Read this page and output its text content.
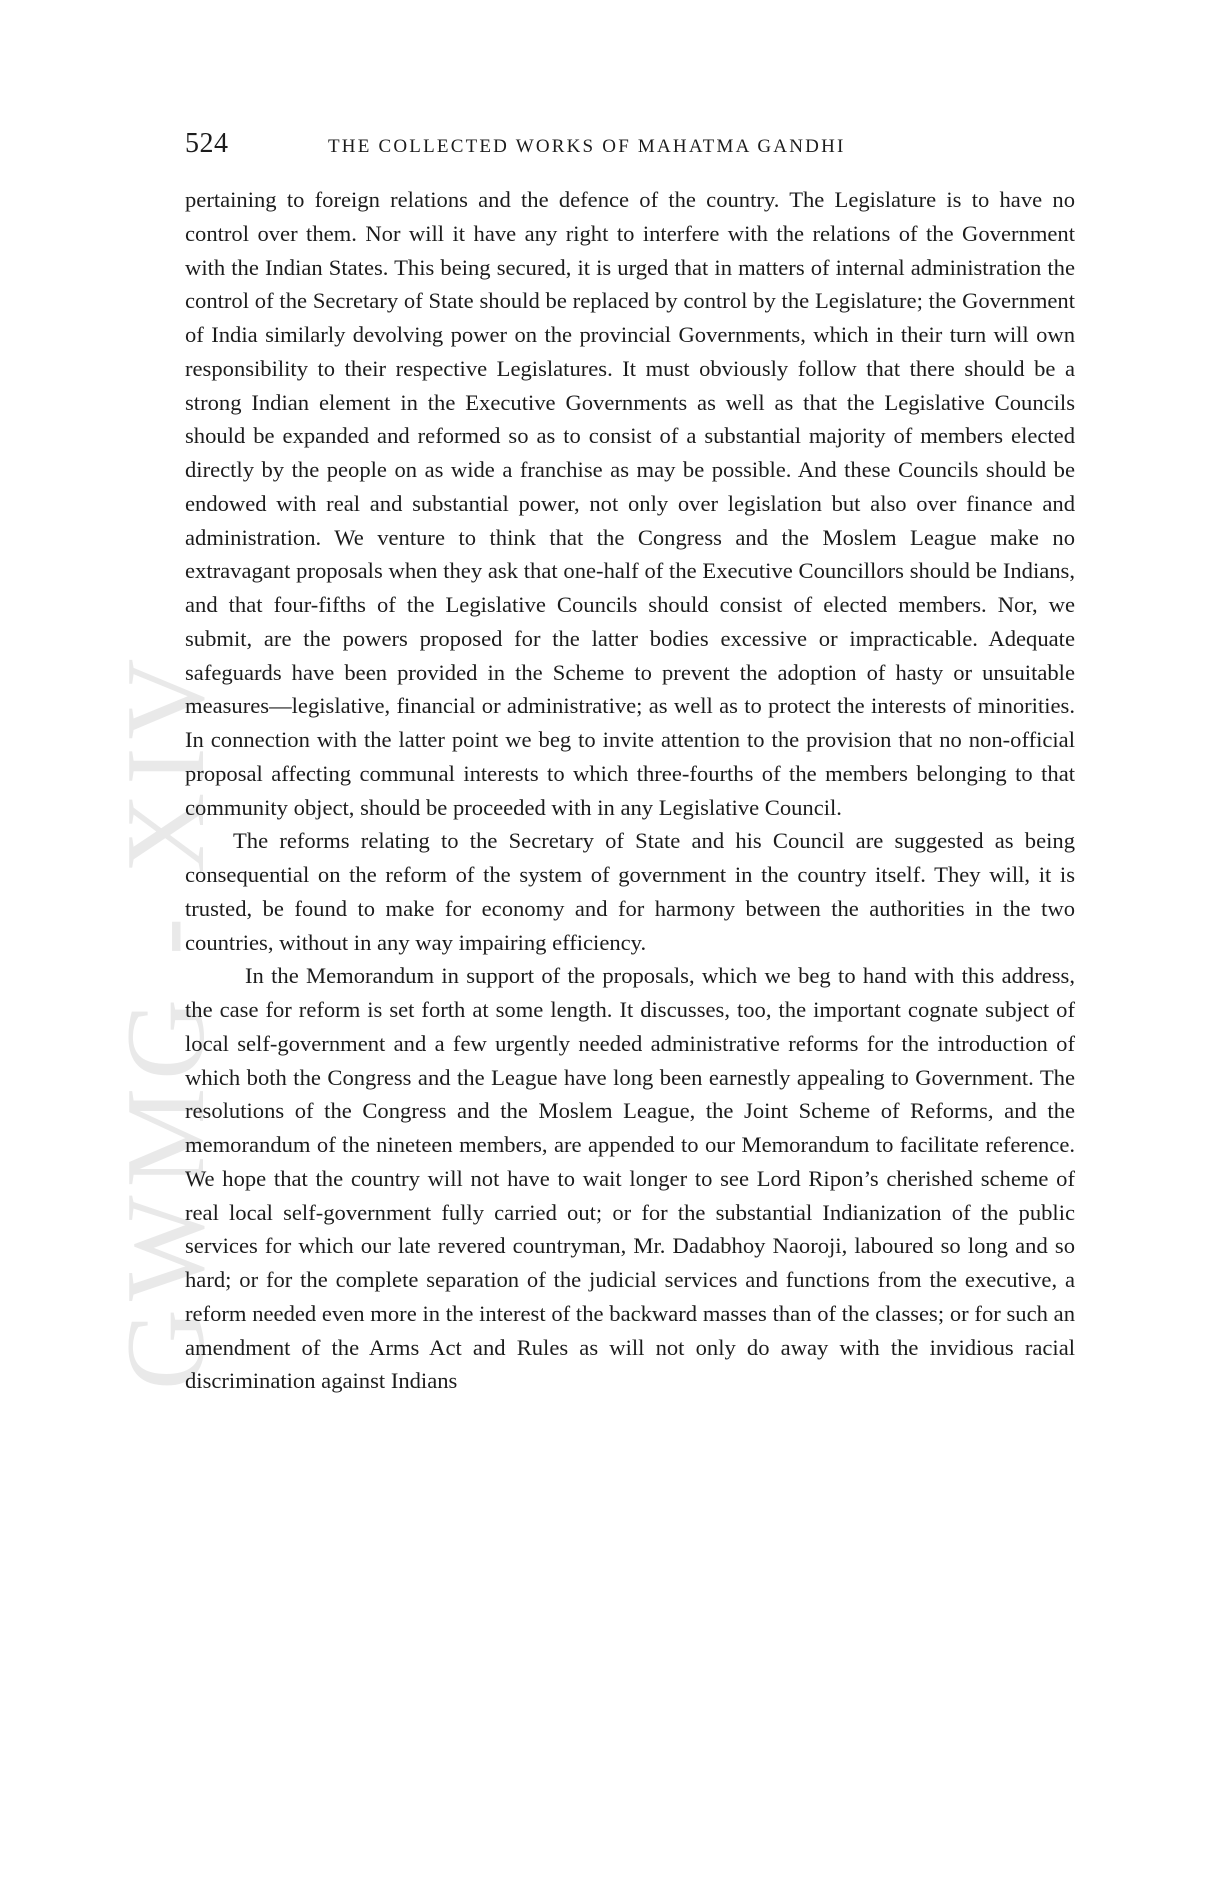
GWMG - XIV
524	THE COLLECTED WORKS OF MAHATMA GANDHI

pertaining to foreign relations and the defence of the country. The Legislature is to have no control over them. Nor will it have any right to interfere with the relations of the Government with the Indian States. This being secured, it is urged that in matters of internal administration the control of the Secretary of State should be replaced by control by the Legislature; the Government of India similarly devolving power on the provincial Governments, which in their turn will own responsibility to their respective Legislatures. It must obviously follow that there should be a strong Indian element in the Executive Governments as well as that the Legislative Councils should be expanded and reformed so as to consist of a substantial majority of members elected directly by the people on as wide a franchise as may be possible. And these Councils should be endowed with real and substantial power, not only over legislation but also over finance and administration. We venture to think that the Congress and the Moslem League make no extravagant proposals when they ask that one-half of the Executive Councillors should be Indians, and that four-fifths of the Legislative Councils should consist of elected members. Nor, we submit, are the powers proposed for the latter bodies excessive or impracticable. Adequate safeguards have been provided in the Scheme to prevent the adoption of hasty or unsuitable measures—legislative, financial or administrative; as well as to protect the interests of minorities. In connection with the latter point we beg to invite attention to the provision that no non-official proposal affecting communal interests to which three-fourths of the members belonging to that community object, should be proceeded with in any Legislative Council.

The reforms relating to the Secretary of State and his Council are suggested as being consequential on the reform of the system of government in the country itself. They will, it is trusted, be found to make for economy and for harmony between the authorities in the two countries, without in any way impairing efficiency.

In the Memorandum in support of the proposals, which we beg to hand with this address, the case for reform is set forth at some length. It discusses, too, the important cognate subject of local self-government and a few urgently needed administrative reforms for the introduction of which both the Congress and the League have long been earnestly appealing to Government. The resolutions of the Congress and the Moslem League, the Joint Scheme of Reforms, and the memorandum of the nineteen members, are appended to our Memorandum to facilitate reference. We hope that the country will not have to wait longer to see Lord Ripon’s cherished scheme of real local self-government fully carried out; or for the substantial Indianization of the public services for which our late revered countryman, Mr. Dadabhoy Naoroji, laboured so long and so hard; or for the complete separation of the judicial services and functions from the executive, a reform needed even more in the interest of the backward masses than of the classes; or for such an amendment of the Arms Act and Rules as will not only do away with the invidious racial discrimination against Indians
